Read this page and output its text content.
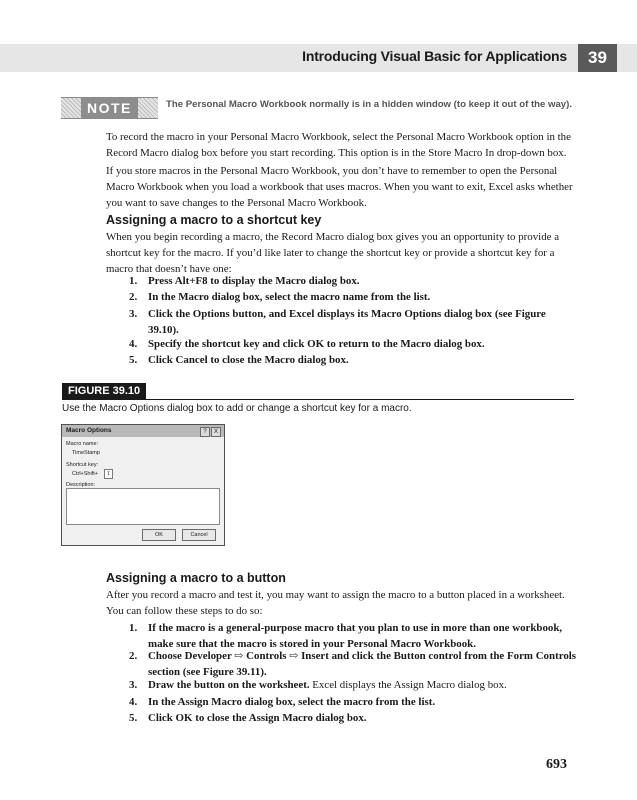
Introducing Visual Basic for Applications	39
NOTE	The Personal Macro Workbook normally is in a hidden window (to keep it out of the way).

To record the macro in your Personal Macro Workbook, select the Personal Macro Workbook option in the Record Macro dialog box before you start recording. This option is in the Store Macro In drop-down box.

If you store macros in the Personal Macro Workbook, you don’t have to remember to open the Personal Macro Workbook when you load a workbook that uses macros. When you want to exit, Excel asks whether you want to save changes to the Personal Macro Workbook.

Assigning a macro to a shortcut key

When you begin recording a macro, the Record Macro dialog box gives you an opportunity to provide a shortcut key for the macro. If you’d like later to change the shortcut key or provide a shortcut key for a macro that doesn’t have one:

1. Press Alt+F8 to display the Macro dialog box.
2. In the Macro dialog box, select the macro name from the list.
3. Click the Options button, and Excel displays its Macro Options dialog box (see Figure 39.10).
4. Specify the shortcut key and click OK to return to the Macro dialog box.
5. Click Cancel to close the Macro dialog box.
FIGURE 39.10
Use the Macro Options dialog box to add or change a shortcut key for a macro.
Macro Options	?	X
Macro name:
TimeStamp
Shortcut key:
Ctrl+Shift+
Description:
OK	Cancel
T
Assigning a macro to a button

After you record a macro and test it, you may want to assign the macro to a button placed in a worksheet. You can follow these steps to do so:

1. If the macro is a general-purpose macro that you plan to use in more than one workbook, make sure that the macro is stored in your Personal Macro Workbook.
2. Choose Developer ⇨ Controls ⇨ Insert and click the Button control from the Form Controls section (see Figure 39.11).
3. Draw the button on the worksheet. Excel displays the Assign Macro dialog box.
4. In the Assign Macro dialog box, select the macro from the list.
5. Click OK to close the Assign Macro dialog box.
693
